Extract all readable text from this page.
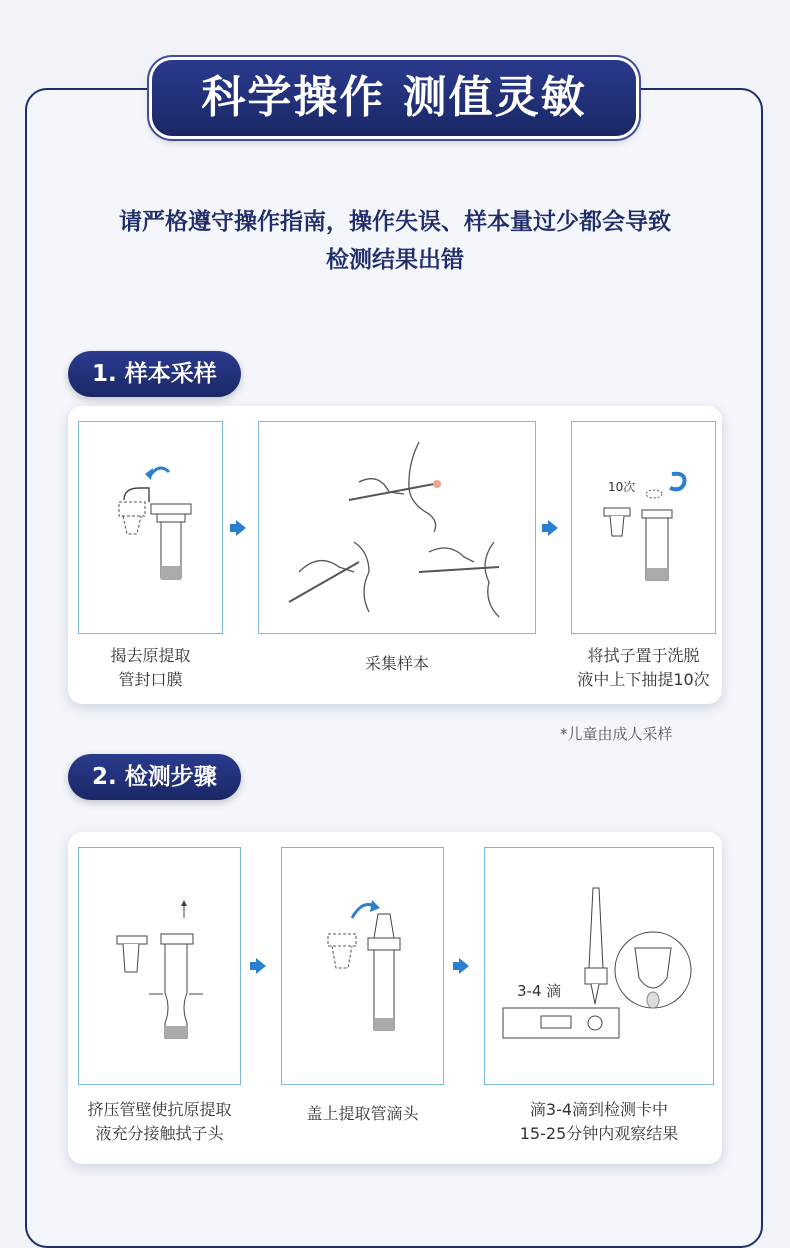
科学操作 测值灵敏
请严格遵守操作指南，操作失误、样本量过少都会导致
检测结果出错
1. 样本采样
揭去原提取
管封口膜
采集样本
10次
将拭子置于洗脱
液中上下抽提10次
*儿童由成人采样
2. 检测步骤
挤压管壁使抗原提取
液充分接触拭子头
盖上提取管滴头
3-4 滴
滴3-4滴到检测卡中
15-25分钟内观察结果
